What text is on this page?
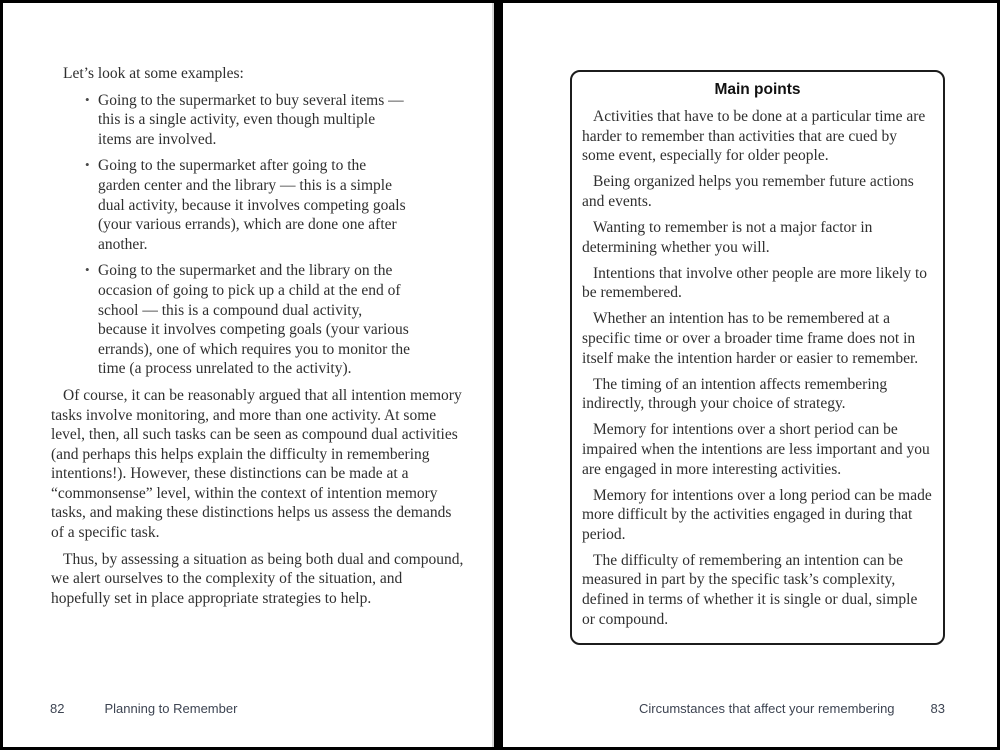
Let’s look at some examples:

• Going to the supermarket to buy several items — this is a single activity, even though multiple items are involved.
• Going to the supermarket after going to the garden center and the library — this is a simple dual activity, because it involves competing goals (your various errands), which are done one after another.
• Going to the supermarket and the library on the occasion of going to pick up a child at the end of school — this is a compound dual activity, because it involves competing goals (your various errands), one of which requires you to monitor the time (a process unrelated to the activity).

Of course, it can be reasonably argued that all intention memory tasks involve monitoring, and more than one activity. At some level, then, all such tasks can be seen as compound dual activities (and perhaps this helps explain the difficulty in remembering intentions!). However, these distinctions can be made at a “commonsense” level, within the context of intention memory tasks, and making these distinctions helps us assess the demands of a specific task.

Thus, by assessing a situation as being both dual and compound, we alert ourselves to the complexity of the situation, and hopefully set in place appropriate strategies to help.

82	Planning to Remember
Main points

Activities that have to be done at a particular time are harder to remember than activities that are cued by some event, especially for older people.

Being organized helps you remember future actions and events.

Wanting to remember is not a major factor in determining whether you will.

Intentions that involve other people are more likely to be remembered.

Whether an intention has to be remembered at a specific time or over a broader time frame does not in itself make the intention harder or easier to remember.

The timing of an intention affects remembering indirectly, through your choice of strategy.

Memory for intentions over a short period can be impaired when the intentions are less important and you are engaged in more interesting activities.

Memory for intentions over a long period can be made more difficult by the activities engaged in during that period.

The difficulty of remembering an intention can be measured in part by the specific task’s complexity, defined in terms of whether it is single or dual, simple or compound.

Circumstances that affect your remembering	83
